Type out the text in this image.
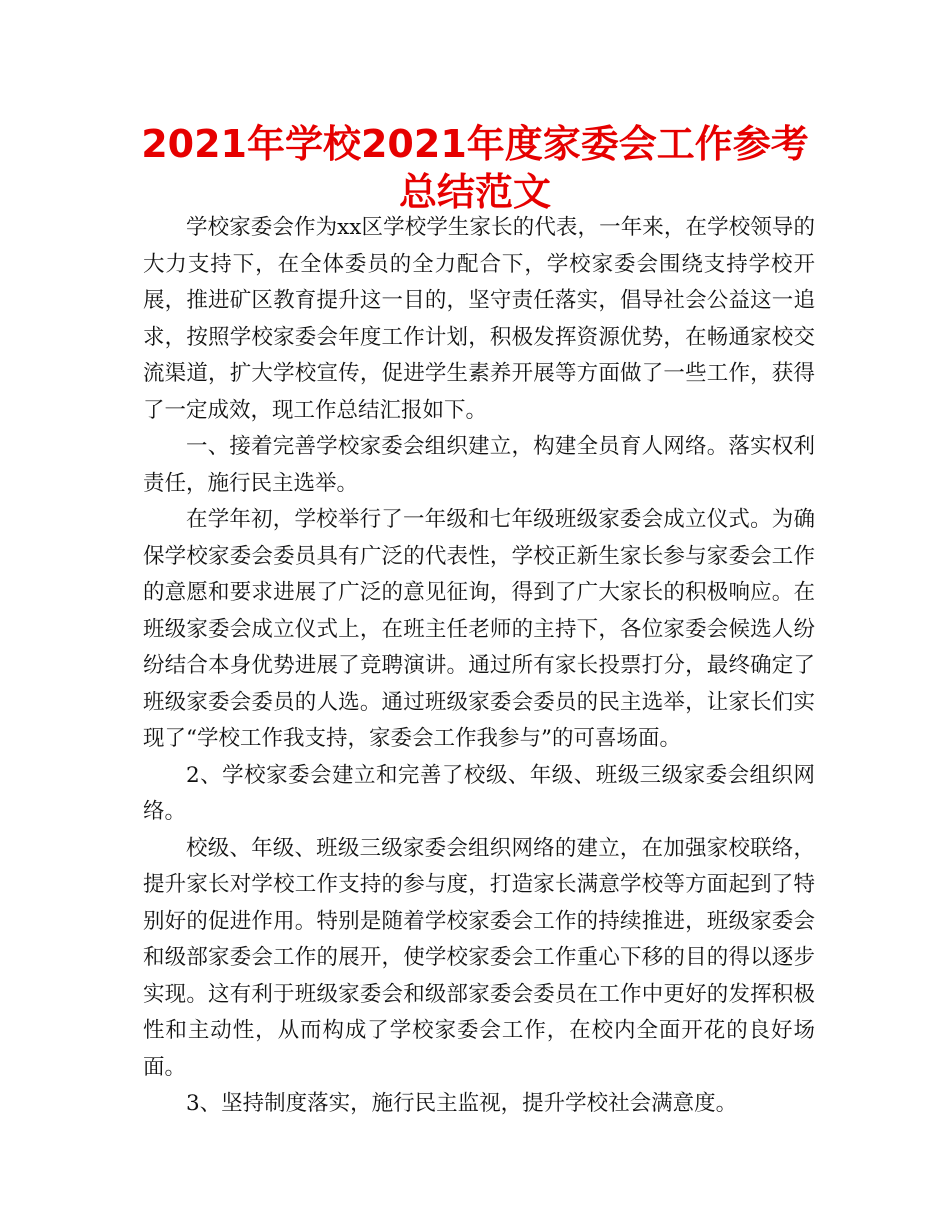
2021年学校2021年度家委会工作参考总结范文

学校家委会作为xx区学校学生家长的代表，一年来，在学校领导的大力支持下，在全体委员的全力配合下，学校家委会围绕支持学校开展，推进矿区教育提升这一目的，坚守责任落实，倡导社会公益这一追求，按照学校家委会年度工作计划，积极发挥资源优势，在畅通家校交流渠道，扩大学校宣传，促进学生素养开展等方面做了一些工作，获得了一定成效，现工作总结汇报如下。

一、接着完善学校家委会组织建立，构建全员育人网络。落实权利责任，施行民主选举。

在学年初，学校举行了一年级和七年级班级家委会成立仪式。为确保学校家委会委员具有广泛的代表性，学校正新生家长参与家委会工作的意愿和要求进展了广泛的意见征询，得到了广大家长的积极响应。在班级家委会成立仪式上，在班主任老师的主持下，各位家委会候选人纷纷结合本身优势进展了竞聘演讲。通过所有家长投票打分，最终确定了班级家委会委员的人选。通过班级家委会委员的民主选举，让家长们实现了“学校工作我支持，家委会工作我参与”的可喜场面。

2、学校家委会建立和完善了校级、年级、班级三级家委会组织网络。

校级、年级、班级三级家委会组织网络的建立，在加强家校联络，提升家长对学校工作支持的参与度，打造家长满意学校等方面起到了特别好的促进作用。特别是随着学校家委会工作的持续推进，班级家委会和级部家委会工作的展开，使学校家委会工作重心下移的目的得以逐步实现。这有利于班级家委会和级部家委会委员在工作中更好的发挥积极性和主动性，从而构成了学校家委会工作，在校内全面开花的良好场面。

3、坚持制度落实，施行民主监视，提升学校社会满意度。
